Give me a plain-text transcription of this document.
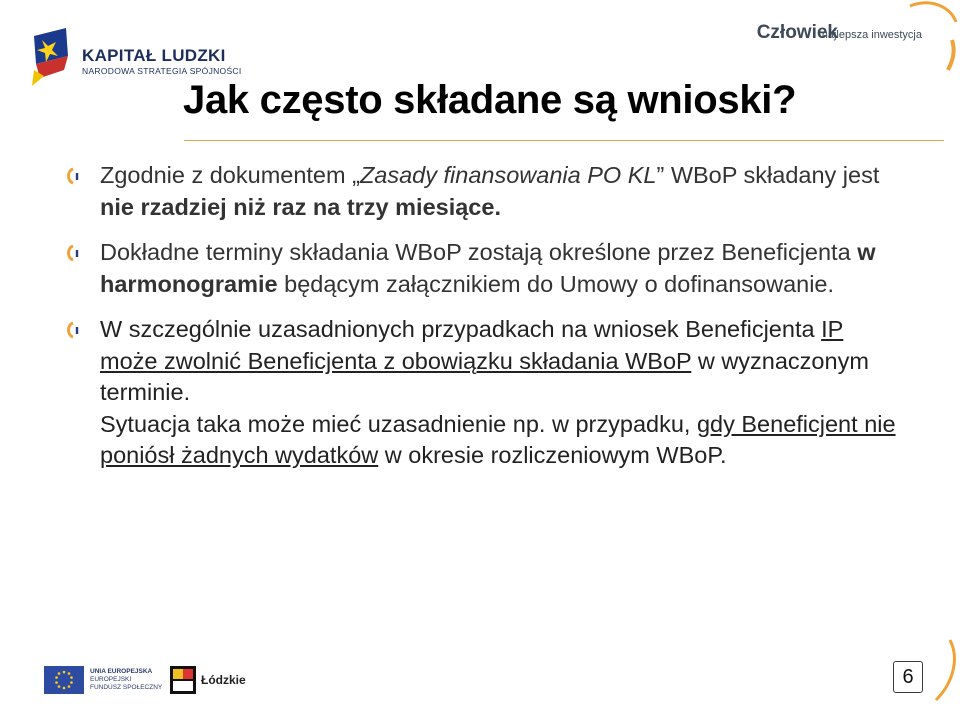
KAPITAŁ LUDZKI
NARODOWA STRATEGIA SPÓJNOŚCI
Człowiek
najlepsza inwestycja
Jak często składane są wnioski?
Zgodnie z dokumentem „Zasady finansowania PO KL” WBoP składany jest nie rzadziej niż raz na trzy miesiące.
Dokładne terminy składania WBoP zostają określone przez Beneficjenta w harmonogramie będącym załącznikiem do Umowy o dofinansowanie.
W szczególnie uzasadnionych przypadkach na wniosek Beneficjenta IP może zwolnić Beneficjenta z obowiązku składania WBoP w wyznaczonym terminie.
Sytuacja taka może mieć uzasadnienie np. w przypadku, gdy Beneficjent nie poniósł żadnych wydatków w okresie rozliczeniowym WBoP.
UNIA EUROPEJSKA
EUROPEJSKI
FUNDUSZ SPOŁECZNY
Łódzkie	6
